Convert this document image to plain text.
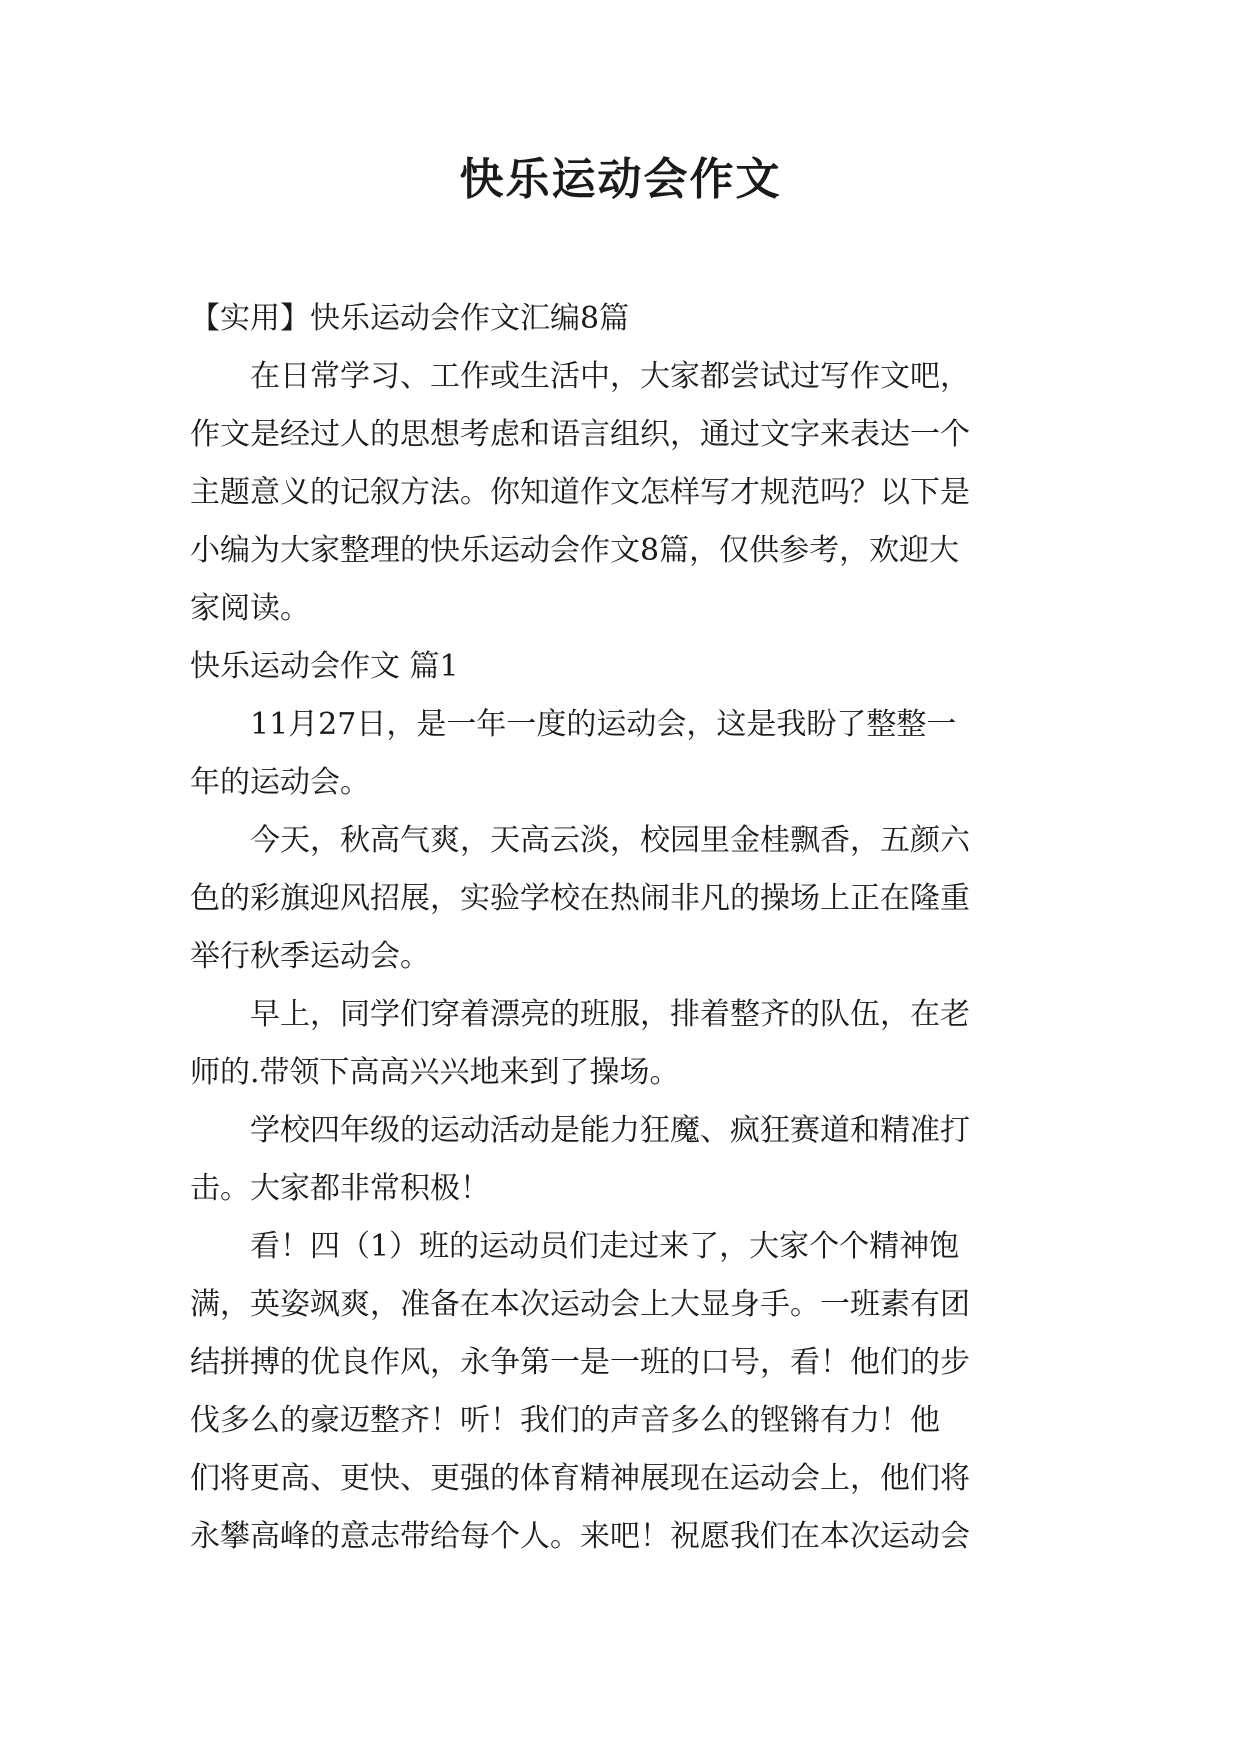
快乐运动会作文

【实用】快乐运动会作文汇编8篇

在日常学习、工作或生活中，大家都尝试过写作文吧，

作文是经过人的思想考虑和语言组织，通过文字来表达一个

主题意义的记叙方法。你知道作文怎样写才规范吗？以下是

小编为大家整理的快乐运动会作文8篇，仅供参考，欢迎大

家阅读。

快乐运动会作文 篇1

11月27日，是一年一度的运动会，这是我盼了整整一

年的运动会。

今天，秋高气爽，天高云淡，校园里金桂飘香，五颜六

色的彩旗迎风招展，实验学校在热闹非凡的操场上正在隆重

举行秋季运动会。

早上，同学们穿着漂亮的班服，排着整齐的队伍，在老

师的.带领下高高兴兴地来到了操场。

学校四年级的运动活动是能力狂魔、疯狂赛道和精准打

击。大家都非常积极！

看！四（1）班的运动员们走过来了，大家个个精神饱

满，英姿飒爽，准备在本次运动会上大显身手。一班素有团

结拼搏的优良作风，永争第一是一班的口号，看！他们的步

伐多么的豪迈整齐！听！我们的声音多么的铿锵有力！他

们将更高、更快、更强的体育精神展现在运动会上，他们将

永攀高峰的意志带给每个人。来吧！祝愿我们在本次运动会
